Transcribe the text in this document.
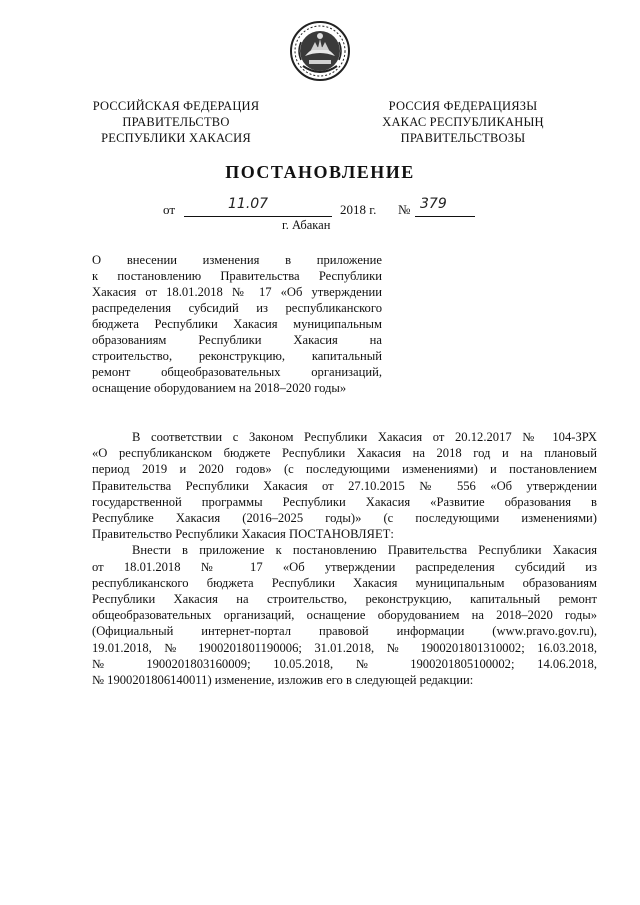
РОССИЙСКАЯ ФЕДЕРАЦИЯ
ПРАВИТЕЛЬСТВО
РЕСПУБЛИКИ ХАКАСИЯ
РОССИЯ ФЕДЕРАЦИЯЗЫ
ХАКАС РЕСПУБЛИКАНЫҢ
ПРАВИТЕЛЬСТВОЗЫ
ПОСТАНОВЛЕНИЕ
от	11.07	2018 г. № 379
г. Абакан
О внесении изменения в приложение
к постановлению Правительства Республики
Хакасия от 18.01.2018 № 17 «Об утверждении
распределения субсидий из республиканского
бюджета Республики Хакасия муниципальным
образованиям Республики Хакасия на
строительство, реконструкцию, капитальный
ремонт общеобразовательных организаций,
оснащение оборудованием на 2018–2020 годы»

В соответствии с Законом Республики Хакасия от 20.12.2017 № 104-ЗРХ
«О республиканском бюджете Республики Хакасия на 2018 год и на плановый
период 2019 и 2020 годов» (с последующими изменениями) и постановлением
Правительства Республики Хакасия от 27.10.2015 № 556 «Об утверждении
государственной программы Республики Хакасия «Развитие образования в
Республике Хакасия (2016–2025 годы)» (с последующими изменениями)
Правительство Республики Хакасия ПОСТАНОВЛЯЕТ:

Внести в приложение к постановлению Правительства Республики Хакасия
от 18.01.2018 № 17 «Об утверждении распределения субсидий из
республиканского бюджета Республики Хакасия муниципальным образованиям
Республики Хакасия на строительство, реконструкцию, капитальный ремонт
общеобразовательных организаций, оснащение оборудованием на 2018–2020 годы»
(Официальный интернет-портал правовой информации (www.pravo.gov.ru),
19.01.2018, № 1900201801190006; 31.01.2018, № 1900201801310002; 16.03.2018,
№ 1900201803160009; 10.05.2018, № 1900201805100002; 14.06.2018,
№ 1900201806140011) изменение, изложив его в следующей редакции:
